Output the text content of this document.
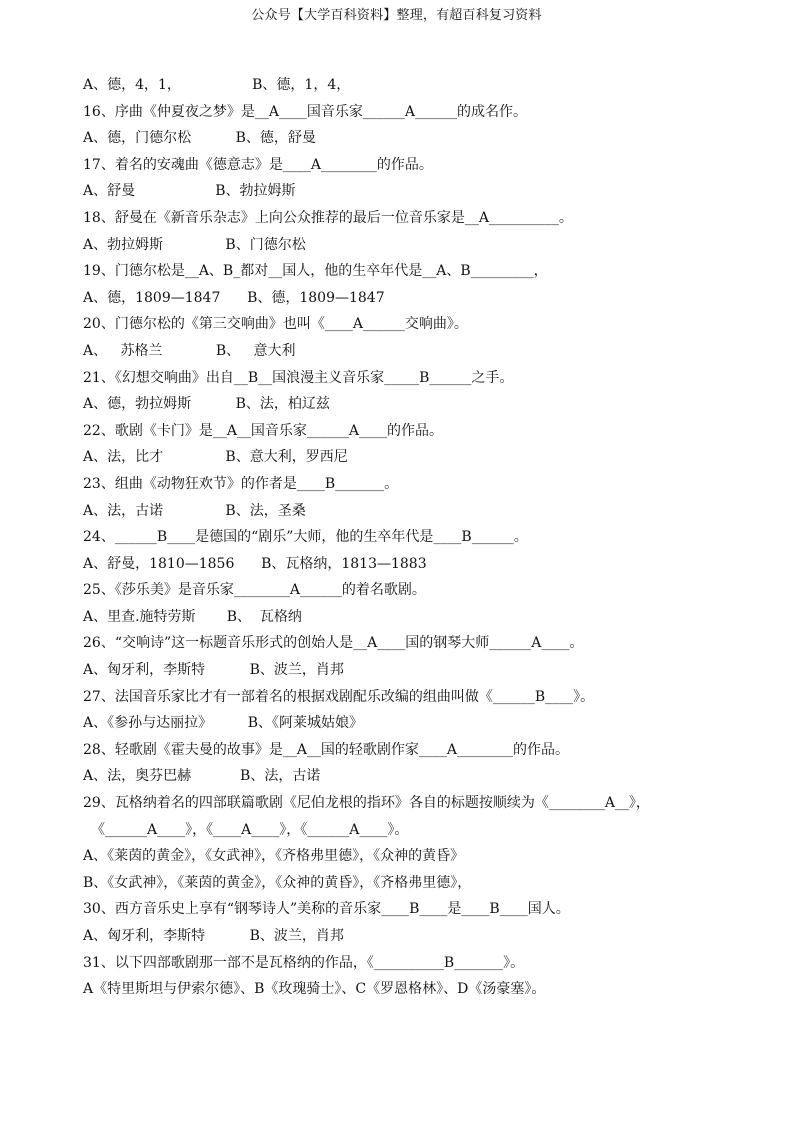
公众号【大学百科资料】整理，有超百科复习资料
A、德，4，1，                B、德，1，4，
16、序曲《仲夏夜之梦》是__A____国音乐家______A______的成名作。
A、德，门德尔松          B、德，舒曼
17、着名的安魂曲《德意志》是____A________的作品。
A、舒曼                  B、勃拉姆斯
18、舒曼在《新音乐杂志》上向公众推荐的最后一位音乐家是__A__________。
A、勃拉姆斯              B、门德尔松
19、门德尔松是__A、B_都对__国人，他的生卒年代是__A、B_________，
A、德，1809—1847      B、德，1809—1847
20、门德尔松的《第三交响曲》也叫《____A______交响曲》。
A、   苏格兰            B、   意大利
21、《幻想交响曲》出自__B__国浪漫主义音乐家_____B______之手。
A、德，勃拉姆斯          B、法，柏辽兹
22、歌剧《卡门》是__A__国音乐家______A____的作品。
A、法，比才              B、意大利，罗西尼
23、组曲《动物狂欢节》的作者是____B_______。
A、法，古诺              B、法，圣桑
24、______B____是德国的“剧乐”大师，他的生卒年代是____B______。
A、舒曼，1810—1856      B、瓦格纳，1813—1883
25、《莎乐美》是音乐家________A______的着名歌剧。
A、里查.施特劳斯       B、  瓦格纳
26、“交响诗”这一标题音乐形式的创始人是__A____国的钢琴大师______A____。
A、匈牙利，李斯特          B、波兰，肖邦
27、法国音乐家比才有一部着名的根据戏剧配乐改编的组曲叫做《______B____》。
A、《参孙与达丽拉》        B、《阿莱城姑娘》
28、轻歌剧《霍夫曼的故事》是__A__国的轻歌剧作家____A________的作品。
A、法，奥芬巴赫           B、法，古诺
29、瓦格纳着名的四部联篇歌剧《尼伯龙根的指环》各自的标题按顺续为《________A__》，
《______A____》，《____A____》，《______A____》。
A、《莱茵的黄金》，《女武神》，《齐格弗里德》，《众神的黄昏》
B、《女武神》，《莱茵的黄金》，《众神的黄昏》，《齐格弗里德》，
30、西方音乐史上享有“钢琴诗人”美称的音乐家____B____是____B____国人。
A、匈牙利，李斯特          B、波兰，肖邦
31、以下四部歌剧那一部不是瓦格纳的作品，《__________B_______》。
A《特里斯坦与伊索尔德》、B《玫瑰骑士》、C《罗恩格林》、D《汤豪塞》。
